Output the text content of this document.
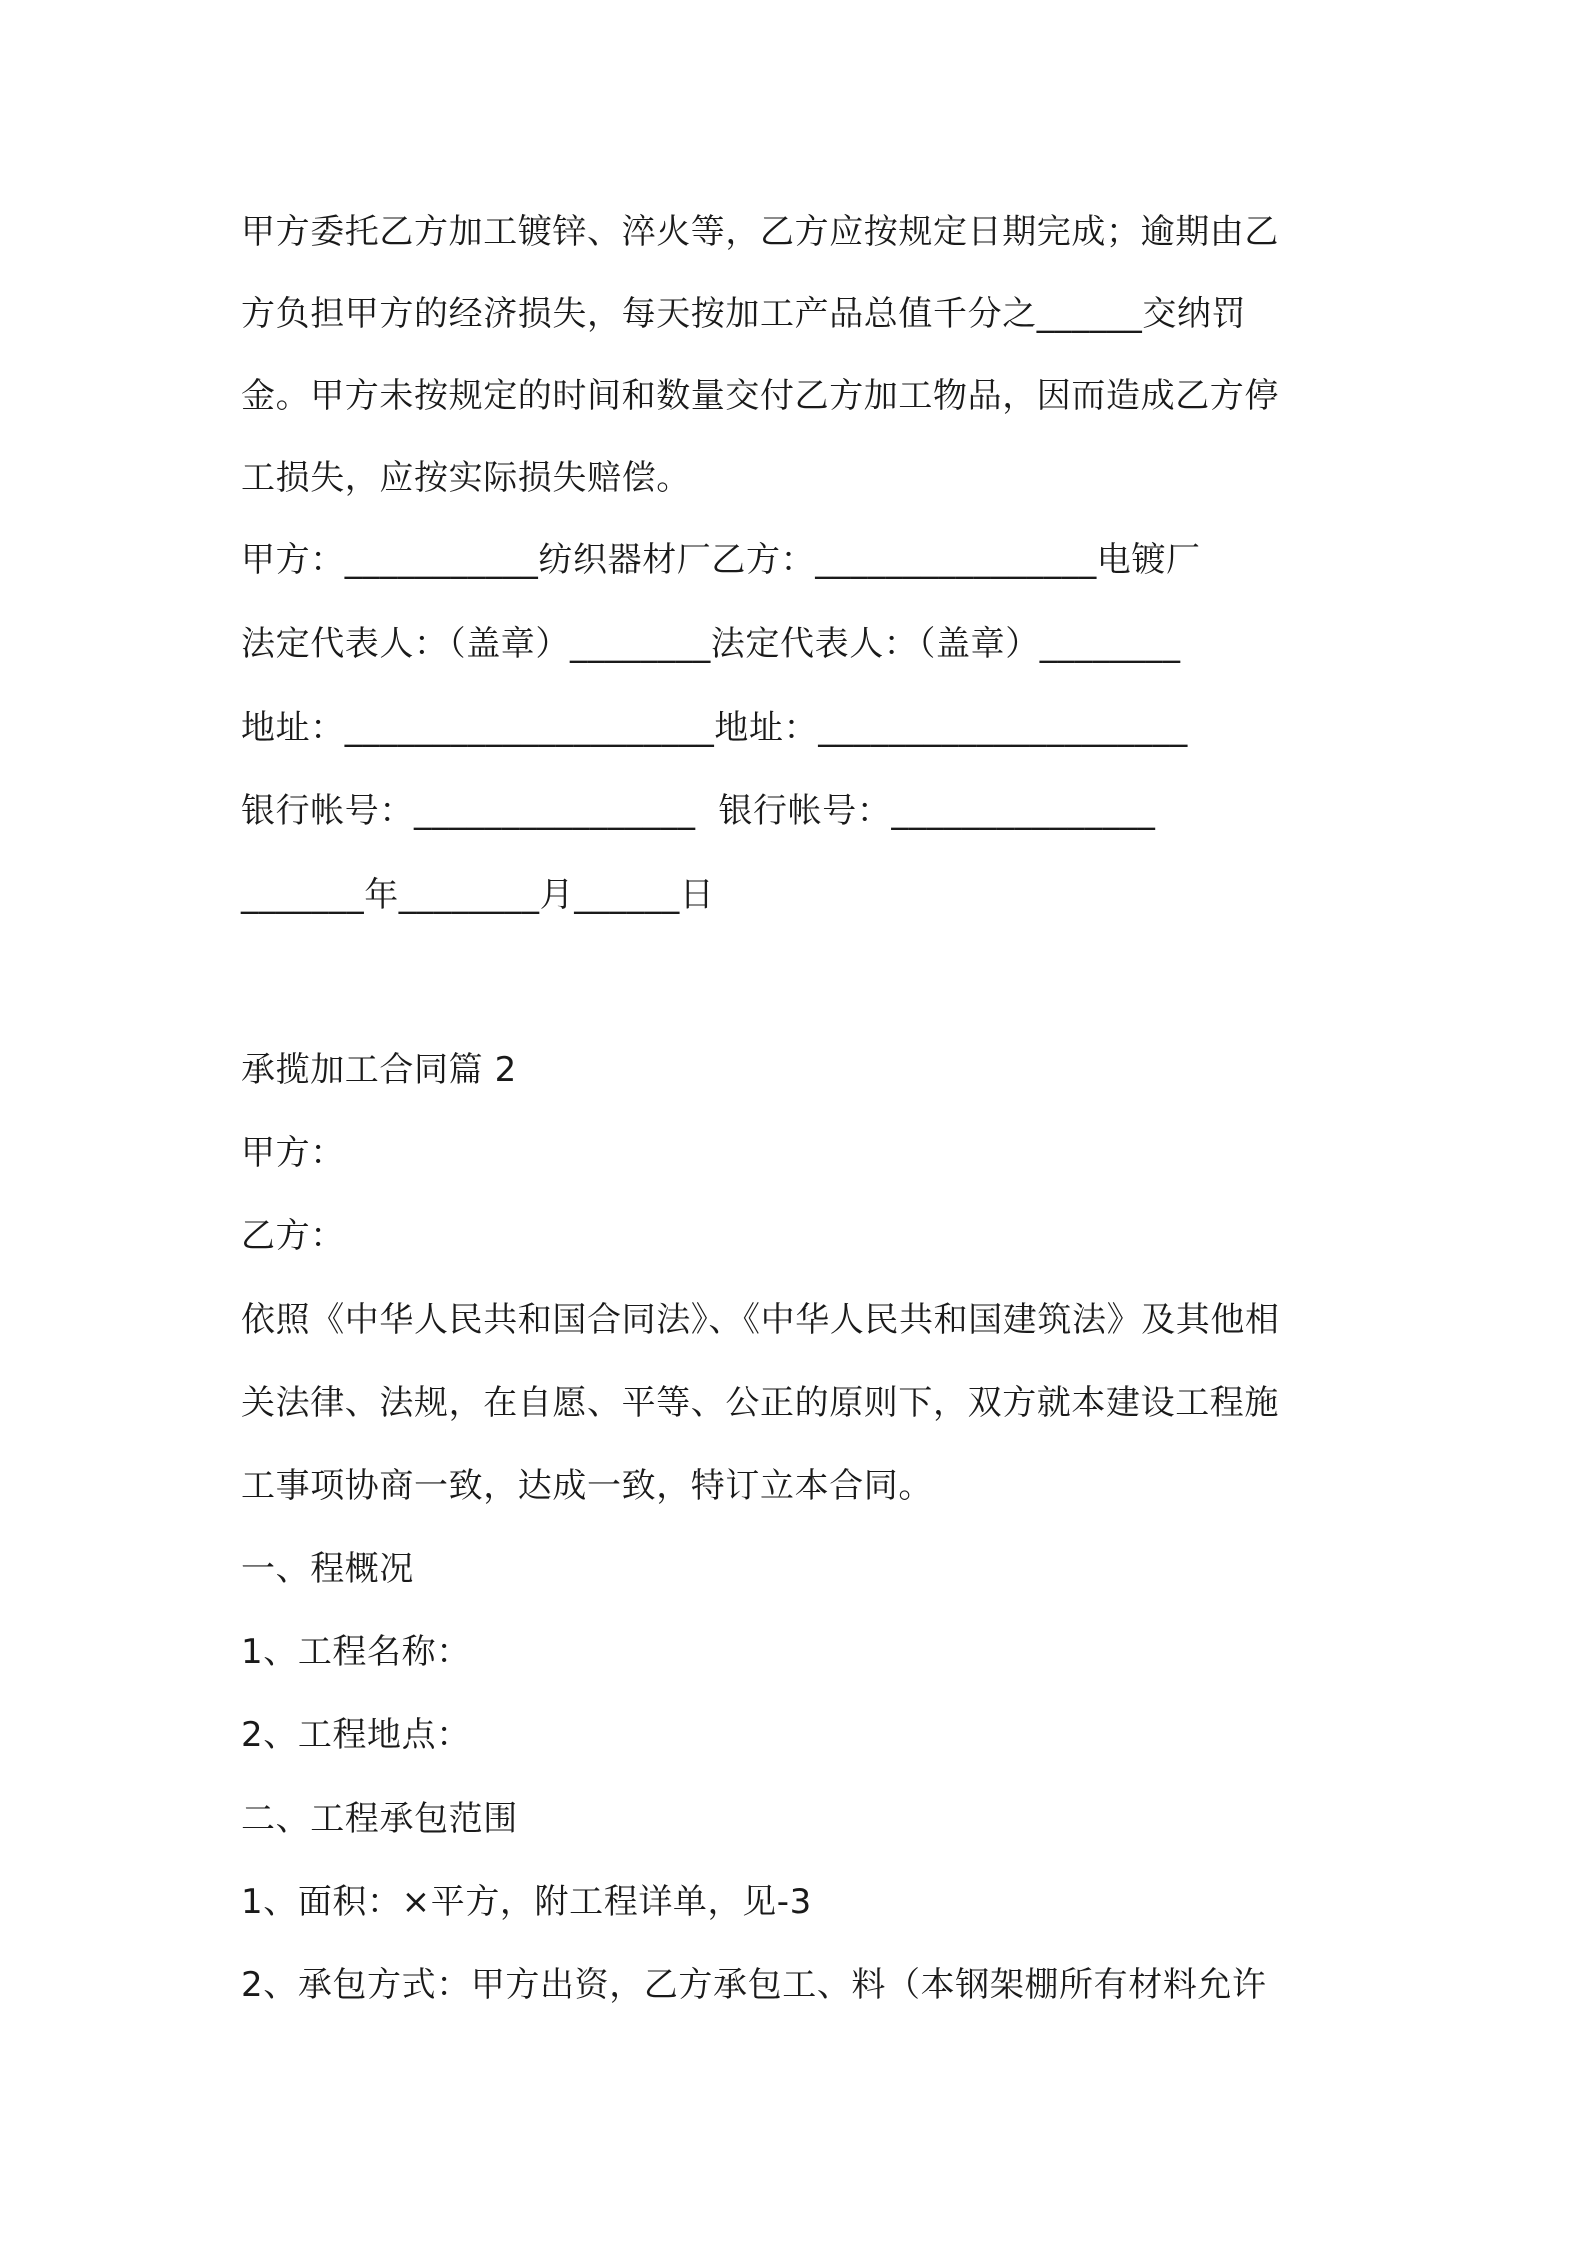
甲方委托乙方加工镀锌、淬火等，乙方应按规定日期完成；逾期由乙
方负担甲方的经济损失，每天按加工产品总值千分之______交纳罚
金。甲方未按规定的时间和数量交付乙方加工物品，因而造成乙方停
工损失，应按实际损失赔偿。
甲方：___________纺织器材厂乙方：________________电镀厂
法定代表人：（盖章）________法定代表人：（盖章）________
地址：_____________________地址：_____________________
银行帐号：________________  银行帐号：_______________
_______年________月______日
承揽加工合同篇 2
甲方：
乙方：
依照《中华人民共和国合同法》、《中华人民共和国建筑法》及其他相
关法律、法规，在自愿、平等、公正的原则下，双方就本建设工程施
工事项协商一致，达成一致，特订立本合同。
一、程概况
1、工程名称：
2、工程地点：
二、工程承包范围
1、面积：×平方，附工程详单，见-3
2、承包方式：甲方出资，乙方承包工、料（本钢架棚所有材料允许
